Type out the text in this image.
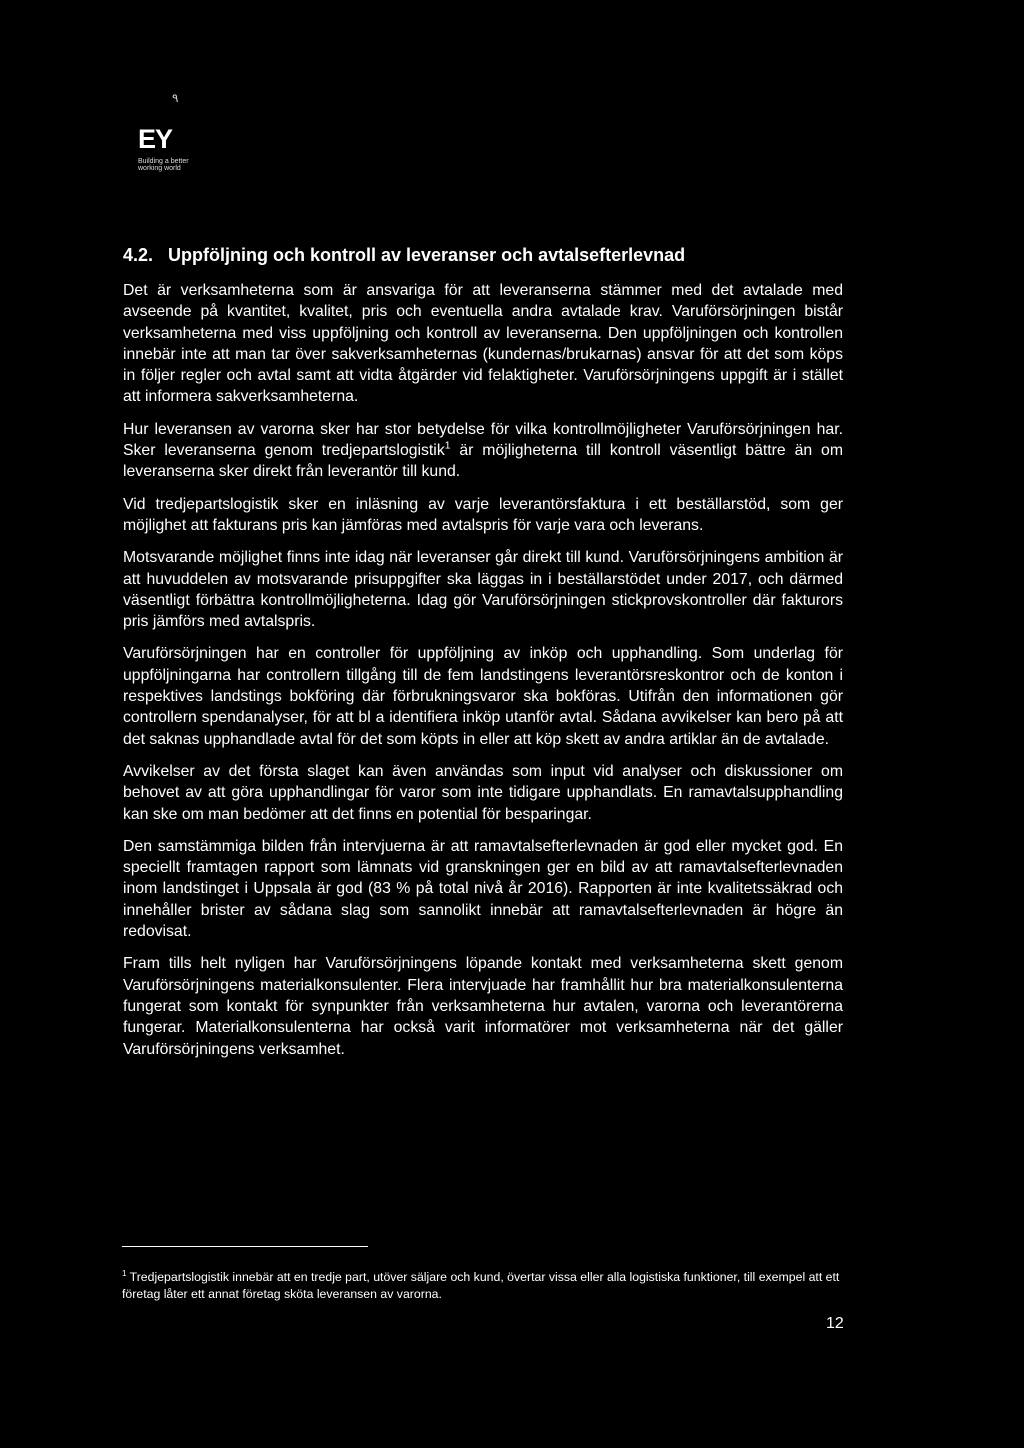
٩
EY
Building a better
working world
4.2. Uppföljning och kontroll av leveranser och avtalsefterlevnad

Det är verksamheterna som är ansvariga för att leveranserna stämmer med det avtalade med avseende på kvantitet, kvalitet, pris och eventuella andra avtalade krav. Varuförsörjningen bistår verksamheterna med viss uppföljning och kontroll av leveranserna. Den uppföljningen och kontrollen innebär inte att man tar över sakverksamheternas (kundernas/brukarnas) ansvar för att det som köps in följer regler och avtal samt att vidta åtgärder vid felaktigheter. Varuförsörjningens uppgift är i stället att informera sakverksamheterna.

Hur leveransen av varorna sker har stor betydelse för vilka kontrollmöjligheter Varuförsörjningen har. Sker leveranserna genom tredjepartslogistik$^1$ är möjligheterna till kontroll väsentligt bättre än om leveranserna sker direkt från leverantör till kund.

Vid tredjepartslogistik sker en inläsning av varje leverantörsfaktura i ett beställarstöd, som ger möjlighet att fakturans pris kan jämföras med avtalspris för varje vara och leverans.

Motsvarande möjlighet finns inte idag när leveranser går direkt till kund. Varuförsörjningens ambition är att huvuddelen av motsvarande prisuppgifter ska läggas in i beställarstödet under 2017, och därmed väsentligt förbättra kontrollmöjligheterna. Idag gör Varuförsörjningen stickprovskontroller där fakturors pris jämförs med avtalspris.

Varuförsörjningen har en controller för uppföljning av inköp och upphandling. Som underlag för uppföljningarna har controllern tillgång till de fem landstingens leverantörsreskontror och de konton i respektives landstings bokföring där förbrukningsvaror ska bokföras. Utifrån den informationen gör controllern spendanalyser, för att bl a identifiera inköp utanför avtal. Sådana avvikelser kan bero på att det saknas upphandlade avtal för det som köpts in eller att köp skett av andra artiklar än de avtalade.

Avvikelser av det första slaget kan även användas som input vid analyser och diskussioner om behovet av att göra upphandlingar för varor som inte tidigare upphandlats. En ramavtalsupphandling kan ske om man bedömer att det finns en potential för besparingar.

Den samstämmiga bilden från intervjuerna är att ramavtalsefterlevnaden är god eller mycket god. En speciellt framtagen rapport som lämnats vid granskningen ger en bild av att ramavtalsefterlevnaden inom landstinget i Uppsala är god (83 % på total nivå år 2016). Rapporten är inte kvalitetssäkrad och innehåller brister av sådana slag som sannolikt innebär att ramavtalsefterlevnaden är högre än redovisat.

Fram tills helt nyligen har Varuförsörjningens löpande kontakt med verksamheterna skett genom Varuförsörjningens materialkonsulenter. Flera intervjuade har framhållit hur bra materialkonsulenterna fungerat som kontakt för synpunkter från verksamheterna hur avtalen, varorna och leverantörerna fungerar. Materialkonsulenterna har också varit informatörer mot verksamheterna när det gäller Varuförsörjningens verksamhet.

$^1$ Tredjepartslogistik innebär att en tredje part, utöver säljare och kund, övertar vissa eller alla logistiska funktioner, till exempel att ett företag låter ett annat företag sköta leveransen av varorna.
12
